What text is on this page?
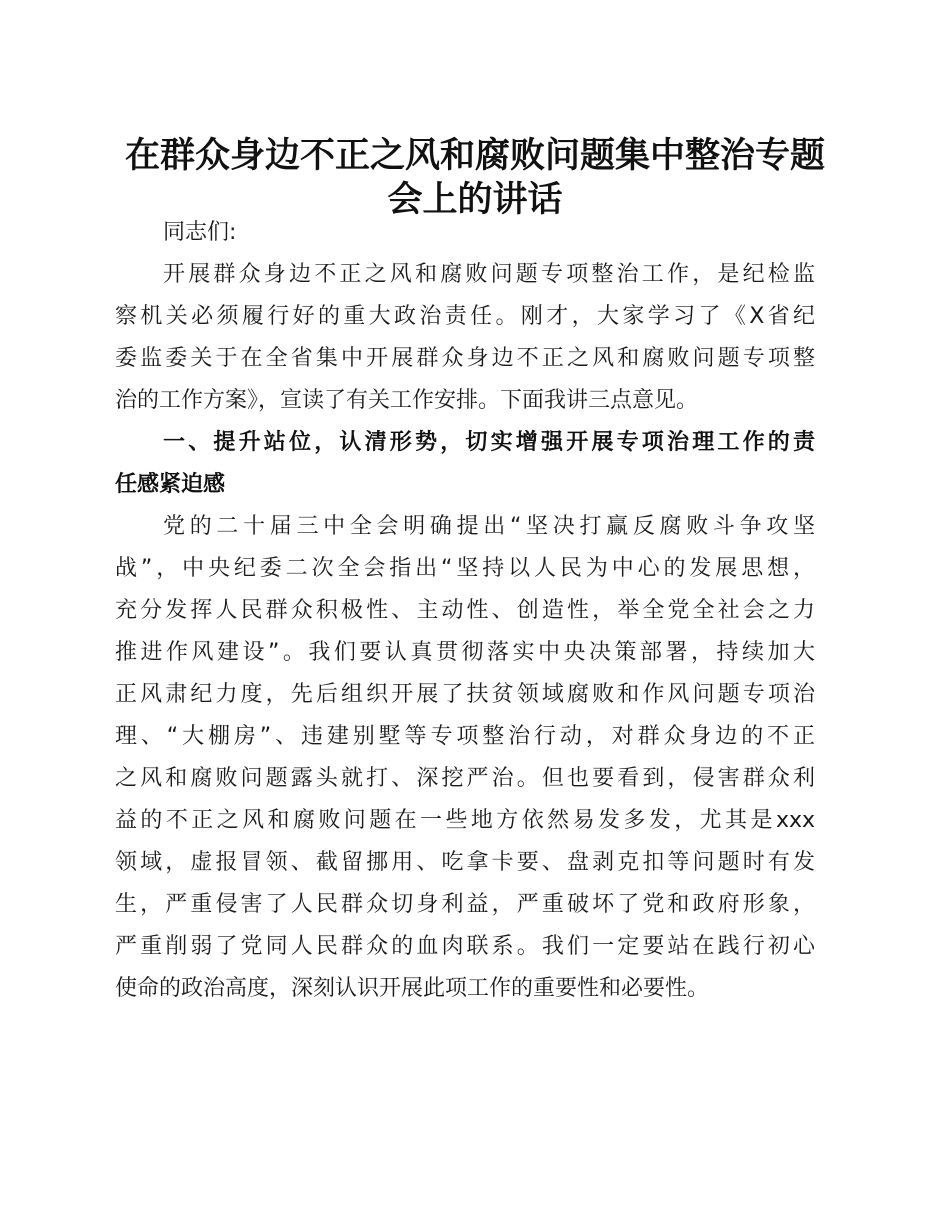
在群众身边不正之风和腐败问题集中整治专题
会上的讲话
同志们:
开展群众身边不正之风和腐败问题专项整治工作，是纪检监
察机关必须履行好的重大政治责任。刚才，大家学习了《X省纪
委监委关于在全省集中开展群众身边不正之风和腐败问题专项整
治的工作方案》，宣读了有关工作安排。下面我讲三点意见。
一、提升站位，认清形势，切实增强开展专项治理工作的责
任感紧迫感
党的二十届三中全会明确提出“坚决打赢反腐败斗争攻坚
战”，中央纪委二次全会指出“坚持以人民为中心的发展思想，
充分发挥人民群众积极性、主动性、创造性，举全党全社会之力
推进作风建设”。我们要认真贯彻落实中央决策部署，持续加大
正风肃纪力度，先后组织开展了扶贫领域腐败和作风问题专项治
理、“大棚房”、违建别墅等专项整治行动，对群众身边的不正
之风和腐败问题露头就打、深挖严治。但也要看到，侵害群众利
益的不正之风和腐败问题在一些地方依然易发多发，尤其是xxx
领域，虚报冒领、截留挪用、吃拿卡要、盘剥克扣等问题时有发
生，严重侵害了人民群众切身利益，严重破坏了党和政府形象，
严重削弱了党同人民群众的血肉联系。我们一定要站在践行初心
使命的政治高度，深刻认识开展此项工作的重要性和必要性。
